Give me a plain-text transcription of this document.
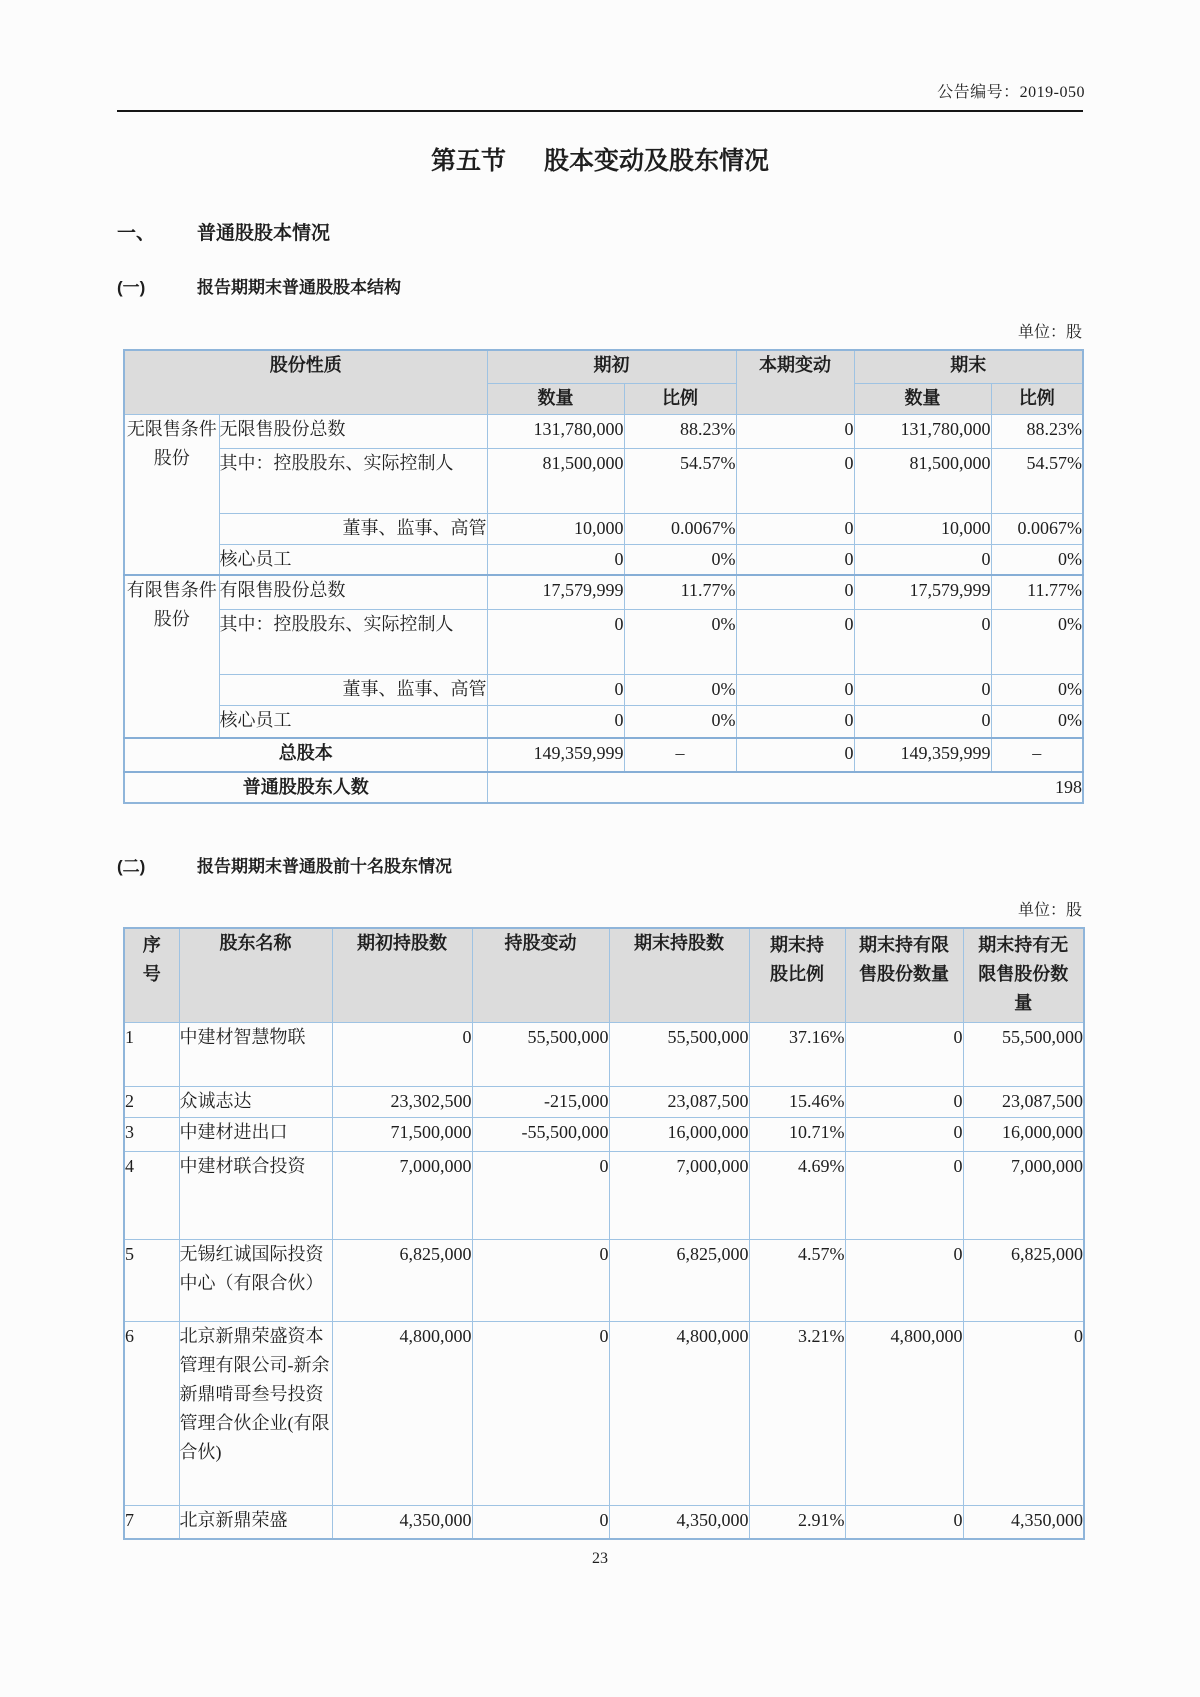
公告编号：2019-050
第五节 股本变动及股东情况
一、	普通股股本情况
(一)	报告期期末普通股股本结构
单位：股
股份性质		期初		本期变动	期末	
		数量	比例		数量	比例
无限售条件股份	无限售股份总数	131,780,000	88.23%	0	131,780,000	88.23%
	其中：控股股东、实际控制人	81,500,000	54.57%	0	81,500,000	54.57%
	董事、监事、高管	10,000	0.0067%	0	10,000	0.0067%
	核心员工	0	0%	0	0	0%
有限售条件股份	有限售股份总数	17,579,999	11.77%	0	17,579,999	11.77%
	其中：控股股东、实际控制人	0	0%	0	0	0%
	董事、监事、高管	0	0%	0	0	0%
	核心员工	0	0%	0	0	0%
总股本		149,359,999	–	0	149,359,999	–
普通股股东人数		198				
(二)	报告期期末普通股前十名股东情况
单位：股
序号	股东名称	期初持股数	持股变动	期末持股数	期末持股比例	期末持有限售股份数量	期末持有无限售股份数量
1	中建材智慧物联	0	55,500,000	55,500,000	37.16%	0	55,500,000
2	众诚志达	23,302,500	-215,000	23,087,500	15.46%	0	23,087,500
3	中建材进出口	71,500,000	-55,500,000	16,000,000	10.71%	0	16,000,000
4	中建材联合投资	7,000,000	0	7,000,000	4.69%	0	7,000,000
5	无锡红诚国际投资中心（有限合伙）	6,825,000	0	6,825,000	4.57%	0	6,825,000
6	北京新鼎荣盛资本管理有限公司-新余新鼎啃哥叁号投资管理合伙企业(有限合伙)	4,800,000	0	4,800,000	3.21%	4,800,000	0
7	北京新鼎荣盛	4,350,000	0	4,350,000	2.91%	0	4,350,000
23
